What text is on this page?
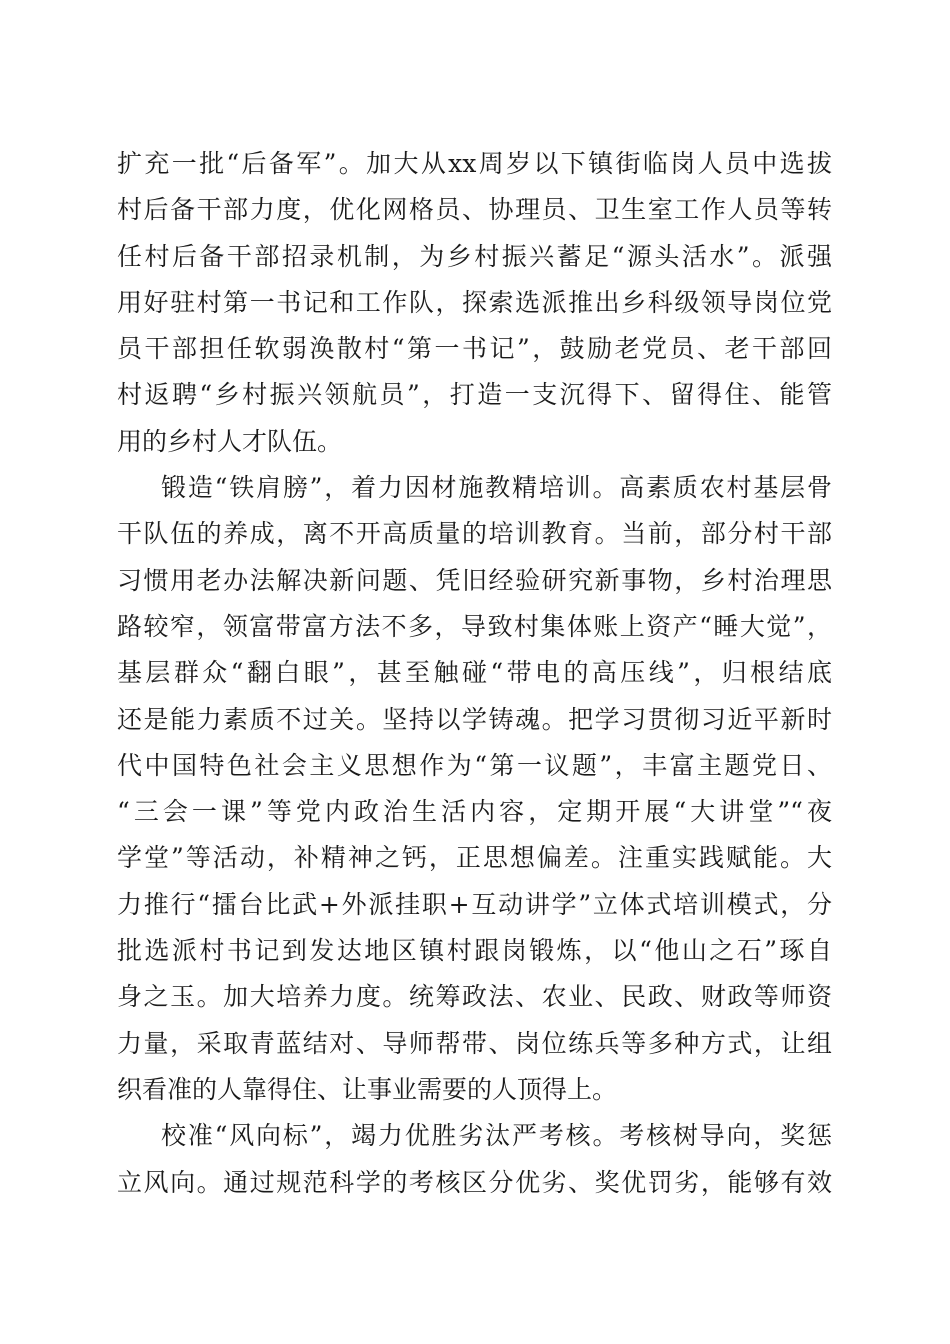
扩充一批“后备军”。加大从xx周岁以下镇街临岗人员中选拔
村后备干部力度，优化网格员、协理员、卫生室工作人员等转
任村后备干部招录机制，为乡村振兴蓄足“源头活水”。派强
用好驻村第一书记和工作队，探索选派推出乡科级领导岗位党
员干部担任软弱涣散村“第一书记”，鼓励老党员、老干部回
村返聘“乡村振兴领航员”，打造一支沉得下、留得住、能管
用的乡村人才队伍。
锻造“铁肩膀”，着力因材施教精培训。高素质农村基层骨
干队伍的养成，离不开高质量的培训教育。当前，部分村干部
习惯用老办法解决新问题、凭旧经验研究新事物，乡村治理思
路较窄，领富带富方法不多，导致村集体账上资产“睡大觉”，
基层群众“翻白眼”，甚至触碰“带电的高压线”，归根结底
还是能力素质不过关。坚持以学铸魂。把学习贯彻习近平新时
代中国特色社会主义思想作为“第一议题”，丰富主题党日、
“三会一课”等党内政治生活内容，定期开展“大讲堂”“夜
学堂”等活动，补精神之钙，正思想偏差。注重实践赋能。大
力推行“擂台比武+外派挂职+互动讲学”立体式培训模式，分
批选派村书记到发达地区镇村跟岗锻炼，以“他山之石”琢自
身之玉。加大培养力度。统筹政法、农业、民政、财政等师资
力量，采取青蓝结对、导师帮带、岗位练兵等多种方式，让组
织看准的人靠得住、让事业需要的人顶得上。
校准“风向标”，竭力优胜劣汰严考核。考核树导向，奖惩
立风向。通过规范科学的考核区分优劣、奖优罚劣，能够有效
